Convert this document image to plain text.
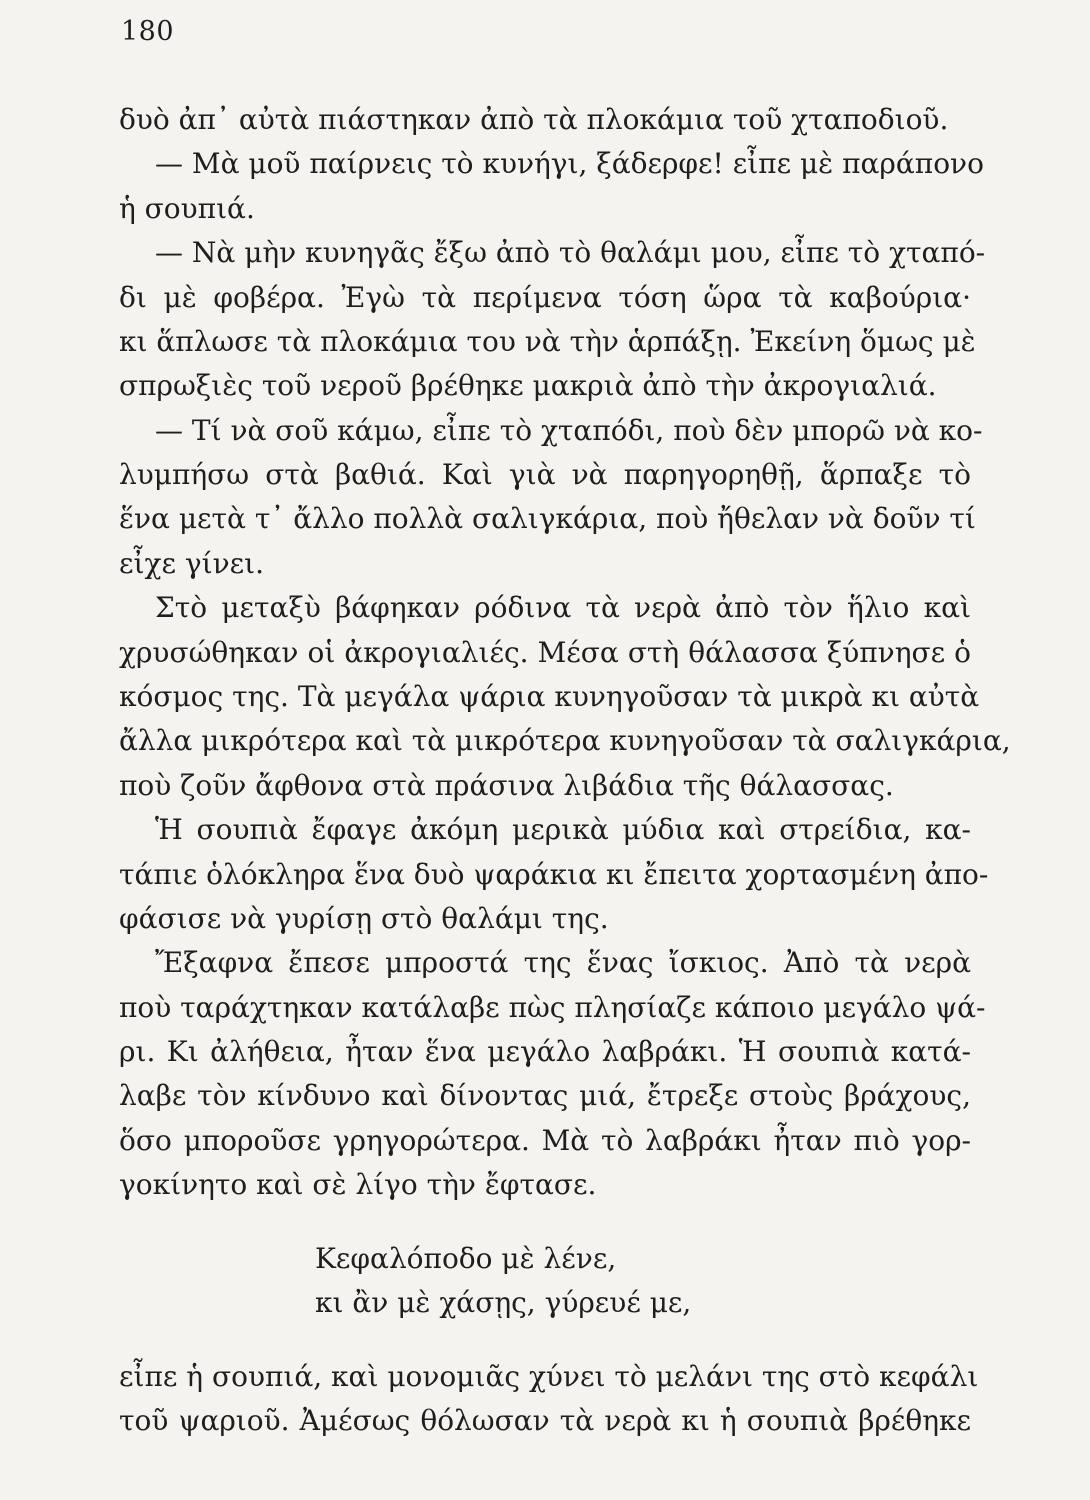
180
δυὸ ἀπ᾽ αὐτὰ πιάστηκαν ἀπὸ τὰ πλοκάμια τοῦ χταποδιοῦ.
— Μὰ μοῦ παίρνεις τὸ κυνήγι, ξάδερφε! εἶπε μὲ παράπονο
ἡ σουπιά.
— Νὰ μὴν κυνηγᾶς ἔξω ἀπὸ τὸ θαλάμι μου, εἶπε τὸ χταπό-
δι μὲ φοβέρα. Ἐγὼ τὰ περίμενα τόση ὥρα τὰ καβούρια·
κι ἅπλωσε τὰ πλοκάμια του νὰ τὴν ἁρπάξῃ. Ἐκείνη ὅμως μὲ
σπρωξιὲς τοῦ νεροῦ βρέθηκε μακριὰ ἀπὸ τὴν ἀκρογιαλιά.
— Τί νὰ σοῦ κάμω, εἶπε τὸ χταπόδι, ποὺ δὲν μπορῶ νὰ κο-
λυμπήσω στὰ βαθιά. Καὶ γιὰ νὰ παρηγορηθῇ, ἅρπαξε τὸ
ἕνα μετὰ τ᾽ ἄλλο πολλὰ σαλιγκάρια, ποὺ ἤθελαν νὰ δοῦν τί
εἶχε γίνει.
Στὸ μεταξὺ βάφηκαν ρόδινα τὰ νερὰ ἀπὸ τὸν ἥλιο καὶ
χρυσώθηκαν οἱ ἀκρογιαλιές. Μέσα στὴ θάλασσα ξύπνησε ὁ
κόσμος της. Τὰ μεγάλα ψάρια κυνηγοῦσαν τὰ μικρὰ κι αὐτὰ
ἄλλα μικρότερα καὶ τὰ μικρότερα κυνηγοῦσαν τὰ σαλιγκάρια,
ποὺ ζοῦν ἄφθονα στὰ πράσινα λιβάδια τῆς θάλασσας.
Ἡ σουπιὰ ἔφαγε ἀκόμη μερικὰ μύδια καὶ στρείδια, κα-
τάπιε ὁλόκληρα ἕνα δυὸ ψαράκια κι ἔπειτα χορτασμένη ἀπο-
φάσισε νὰ γυρίσῃ στὸ θαλάμι της.
Ἔξαφνα ἔπεσε μπροστά της ἕνας ἴσκιος. Ἀπὸ τὰ νερὰ
ποὺ ταράχτηκαν κατάλαβε πὼς πλησίαζε κάποιο μεγάλο ψά-
ρι. Κι ἀλήθεια, ἦταν ἕνα μεγάλο λαβράκι. Ἡ σουπιὰ κατά-
λαβε τὸν κίνδυνο καὶ δίνοντας μιά, ἔτρεξε στοὺς βράχους,
ὅσο μποροῦσε γρηγορώτερα. Μὰ τὸ λαβράκι ἦταν πιὸ γορ-
γοκίνητο καὶ σὲ λίγο τὴν ἔφτασε.
Κεφαλόποδο μὲ λένε,
κι ἂν μὲ χάσῃς, γύρευέ με,
εἶπε ἡ σουπιά, καὶ μονομιᾶς χύνει τὸ μελάνι της στὸ κεφάλι
τοῦ ψαριοῦ. Ἀμέσως θόλωσαν τὰ νερὰ κι ἡ σουπιὰ βρέθηκε
